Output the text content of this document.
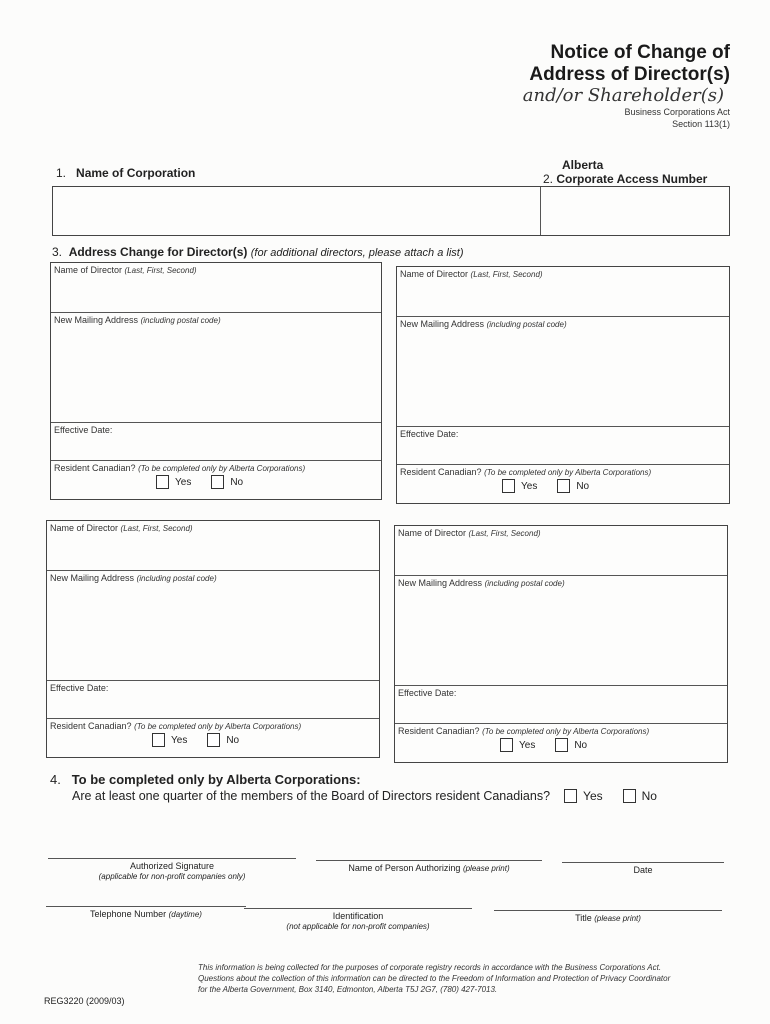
Notice of Change of
Address of Director(s)
and/or Shareholder(s)
Business Corporations Act
Section 113(1)
1. Name of Corporation
Alberta
2. Corporate Access Number
3. Address Change for Director(s) (for additional directors, please attach a list)
Name of Director (Last, First, Second)
New Mailing Address (including postal code)
Effective Date:
Resident Canadian? (To be completed only by Alberta Corporations)
Yes	No
Name of Director (Last, First, Second)
New Mailing Address (including postal code)
Effective Date:
Resident Canadian? (To be completed only by Alberta Corporations)
Yes	No
Name of Director (Last, First, Second)
New Mailing Address (including postal code)
Effective Date:
Resident Canadian? (To be completed only by Alberta Corporations)
Yes	No
Name of Director (Last, First, Second)
New Mailing Address (including postal code)
Effective Date:
Resident Canadian? (To be completed only by Alberta Corporations)
Yes	No
4. To be completed only by Alberta Corporations:
Are at least one quarter of the members of the Board of Directors resident Canadians?	Yes	No
Authorized Signature
(applicable for non-profit companies only)
Name of Person Authorizing (please print)	Date
Telephone Number (daytime)	Identification
(not applicable for non-profit companies)
Title (please print)
This information is being collected for the purposes of corporate registry records in accordance with the Business Corporations Act.
Questions about the collection of this information can be directed to the Freedom of Information and Protection of Privacy Coordinator
for the Alberta Government, Box 3140, Edmonton, Alberta T5J 2G7, (780) 427-7013.
REG3220 (2009/03)
